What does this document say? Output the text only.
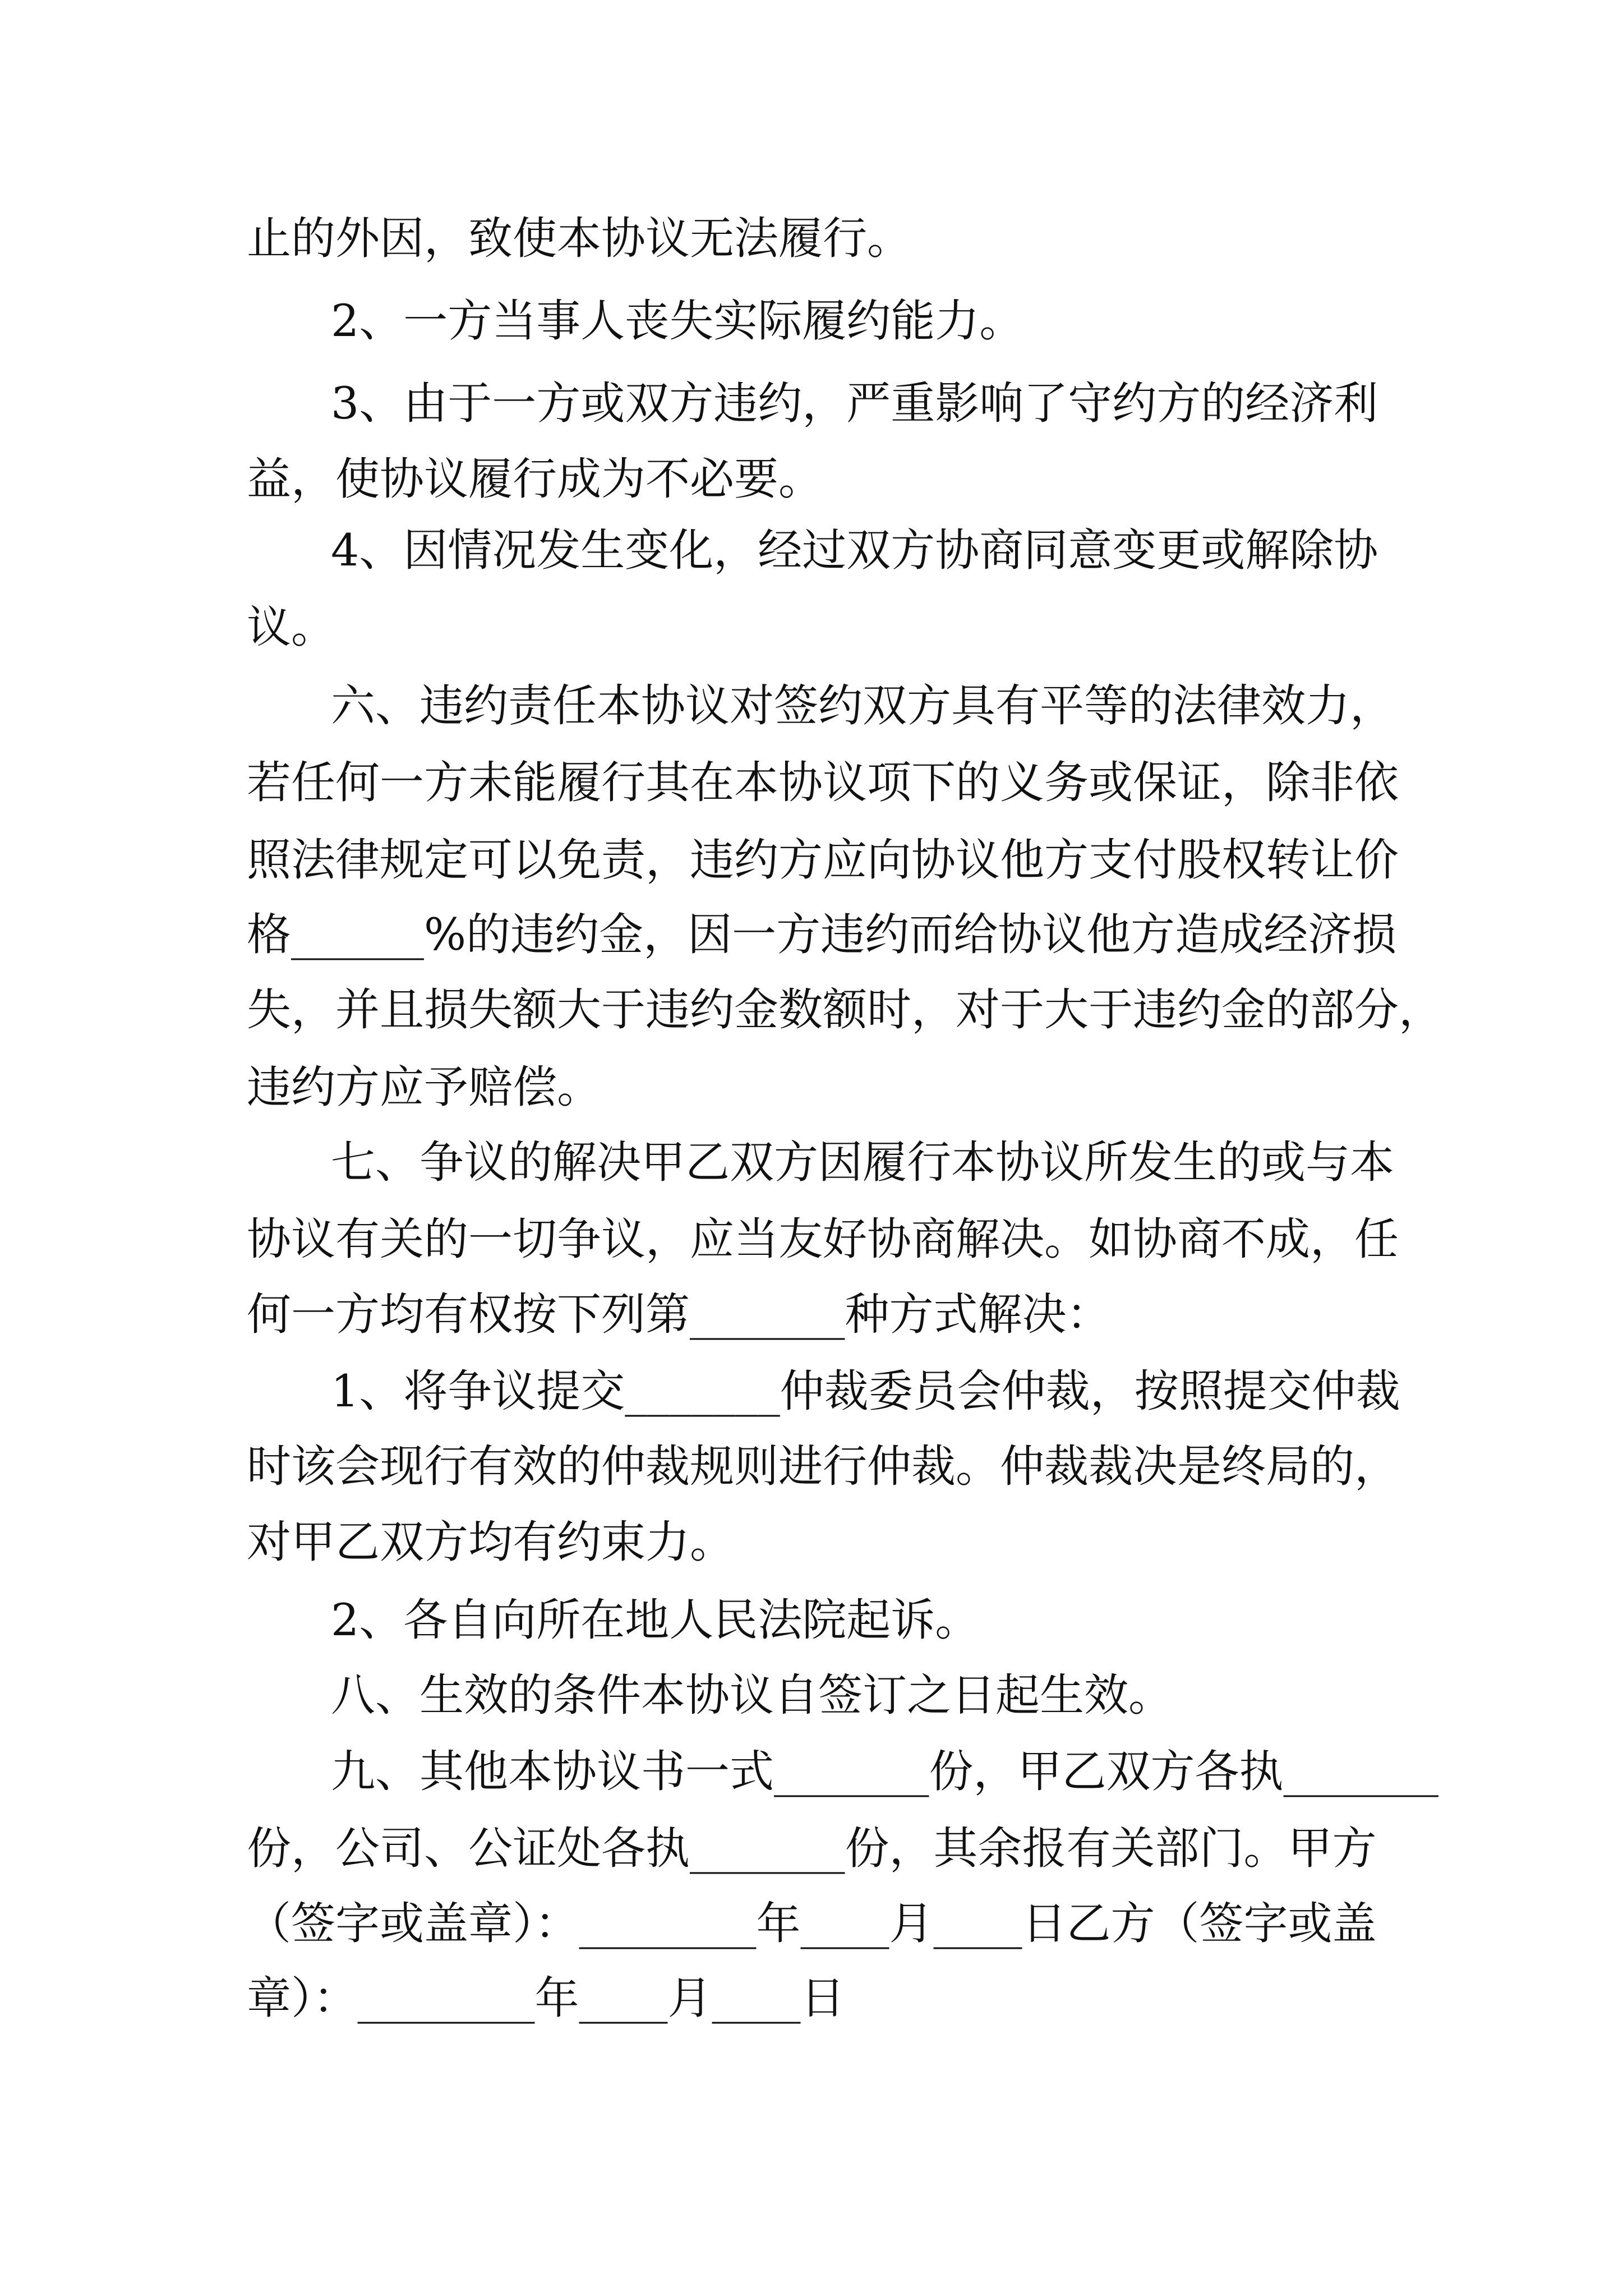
止的外因，致使本协议无法履行。
2、一方当事人丧失实际履约能力。
3、由于一方或双方违约，严重影响了守约方的经济利
益，使协议履行成为不必要。
4、因情况发生变化，经过双方协商同意变更或解除协
议。
六、违约责任本协议对签约双方具有平等的法律效力，
若任何一方未能履行其在本协议项下的义务或保证，除非依
照法律规定可以免责，违约方应向协议他方支付股权转让价
格______%的违约金，因一方违约而给协议他方造成经济损
失，并且损失额大于违约金数额时，对于大于违约金的部分，
违约方应予赔偿。
七、争议的解决甲乙双方因履行本协议所发生的或与本
协议有关的一切争议，应当友好协商解决。如协商不成，任
何一方均有权按下列第_______种方式解决：
1、将争议提交_______仲裁委员会仲裁，按照提交仲裁
时该会现行有效的仲裁规则进行仲裁。仲裁裁决是终局的，
对甲乙双方均有约束力。
2、各自向所在地人民法院起诉。
八、生效的条件本协议自签订之日起生效。
九、其他本协议书一式_______份，甲乙双方各执_______
份，公司、公证处各执_______份，其余报有关部门。甲方
（签字或盖章）：________年____月____日乙方（签字或盖
章）：________年____月____日
